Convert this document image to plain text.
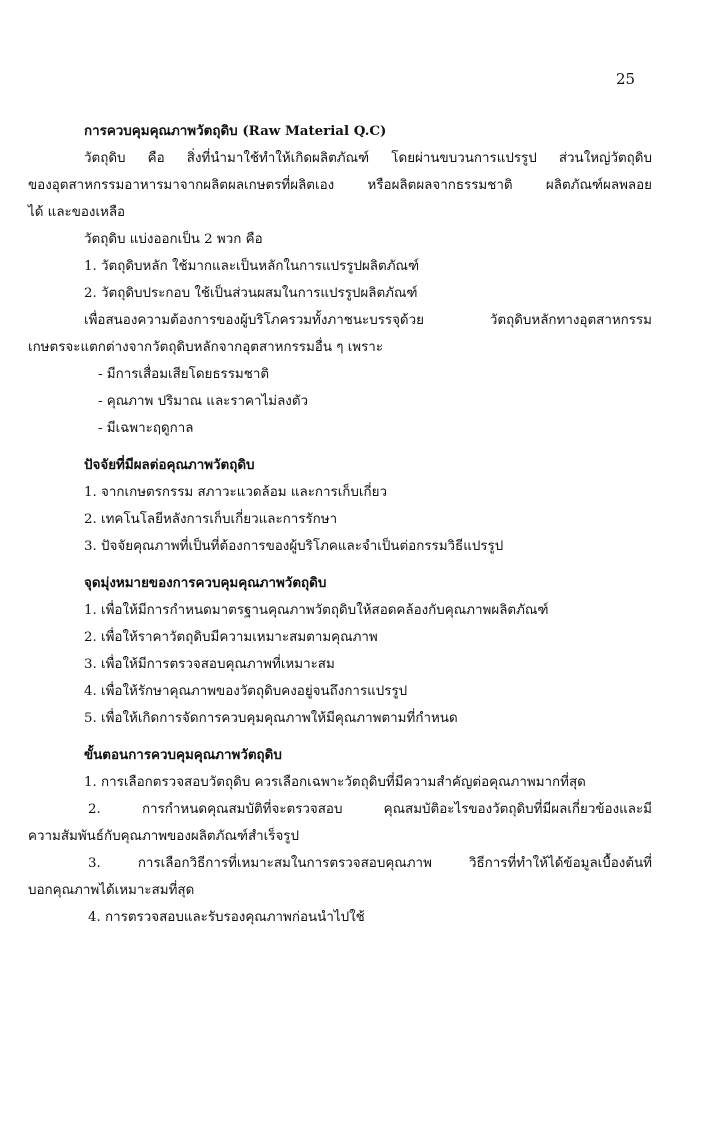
25

การควบคุมคุณภาพวัตถุดิบ (Raw Material Q.C)

วัตถุดิบ คือ สิ่งที่นำมาใช้ทำให้เกิดผลิตภัณฑ์ โดยผ่านขบวนการแปรรูป ส่วนใหญ่วัตถุดิบ

ของอุตสาหกรรมอาหารมาจากผลิตผลเกษตรที่ผลิตเอง หรือผลิตผลจากธรรมชาติ ผลิตภัณฑ์ผลพลอย

ได้ และของเหลือ

วัตถุดิบ แบ่งออกเป็น 2 พวก คือ

1. วัตถุดิบหลัก ใช้มากและเป็นหลักในการแปรรูปผลิตภัณฑ์

2. วัตถุดิบประกอบ ใช้เป็นส่วนผสมในการแปรรูปผลิตภัณฑ์

เพื่อสนองความต้องการของผู้บริโภครวมทั้งภาชนะบรรจุด้วย วัตถุดิบหลักทางอุตสาหกรรม

เกษตรจะแตกต่างจากวัตถุดิบหลักจากอุตสาหกรรมอื่น ๆ เพราะ

- มีการเสื่อมเสียโดยธรรมชาติ

- คุณภาพ ปริมาณ และราคาไม่ลงตัว

- มีเฉพาะฤดูกาล

ปัจจัยที่มีผลต่อคุณภาพวัตถุดิบ

1. จากเกษตรกรรม สภาวะแวดล้อม และการเก็บเกี่ยว

2. เทคโนโลยีหลังการเก็บเกี่ยวและการรักษา

3. ปัจจัยคุณภาพที่เป็นที่ต้องการของผู้บริโภคและจำเป็นต่อกรรมวิธีแปรรูป

จุดมุ่งหมายของการควบคุมคุณภาพวัตถุดิบ

1. เพื่อให้มีการกำหนดมาตรฐานคุณภาพวัตถุดิบให้สอดคล้องกับคุณภาพผลิตภัณฑ์

2. เพื่อให้ราคาวัตถุดิบมีความเหมาะสมตามคุณภาพ

3. เพื่อให้มีการตรวจสอบคุณภาพที่เหมาะสม

4. เพื่อให้รักษาคุณภาพของวัตถุดิบคงอยู่จนถึงการแปรรูป

5. เพื่อให้เกิดการจัดการควบคุมคุณภาพให้มีคุณภาพตามที่กำหนด

ขั้นตอนการควบคุมคุณภาพวัตถุดิบ

1. การเลือกตรวจสอบวัตถุดิบ ควรเลือกเฉพาะวัตถุดิบที่มีความสำคัญต่อคุณภาพมากที่สุด

2. การกำหนดคุณสมบัติที่จะตรวจสอบ คุณสมบัติอะไรของวัตถุดิบที่มีผลเกี่ยวข้องและมี

ความสัมพันธ์กับคุณภาพของผลิตภัณฑ์สำเร็จรูป

3. การเลือกวิธีการที่เหมาะสมในการตรวจสอบคุณภาพ วิธีการที่ทำให้ได้ข้อมูลเบื้องต้นที่

บอกคุณภาพได้เหมาะสมที่สุด

4. การตรวจสอบและรับรองคุณภาพก่อนนำไปใช้
